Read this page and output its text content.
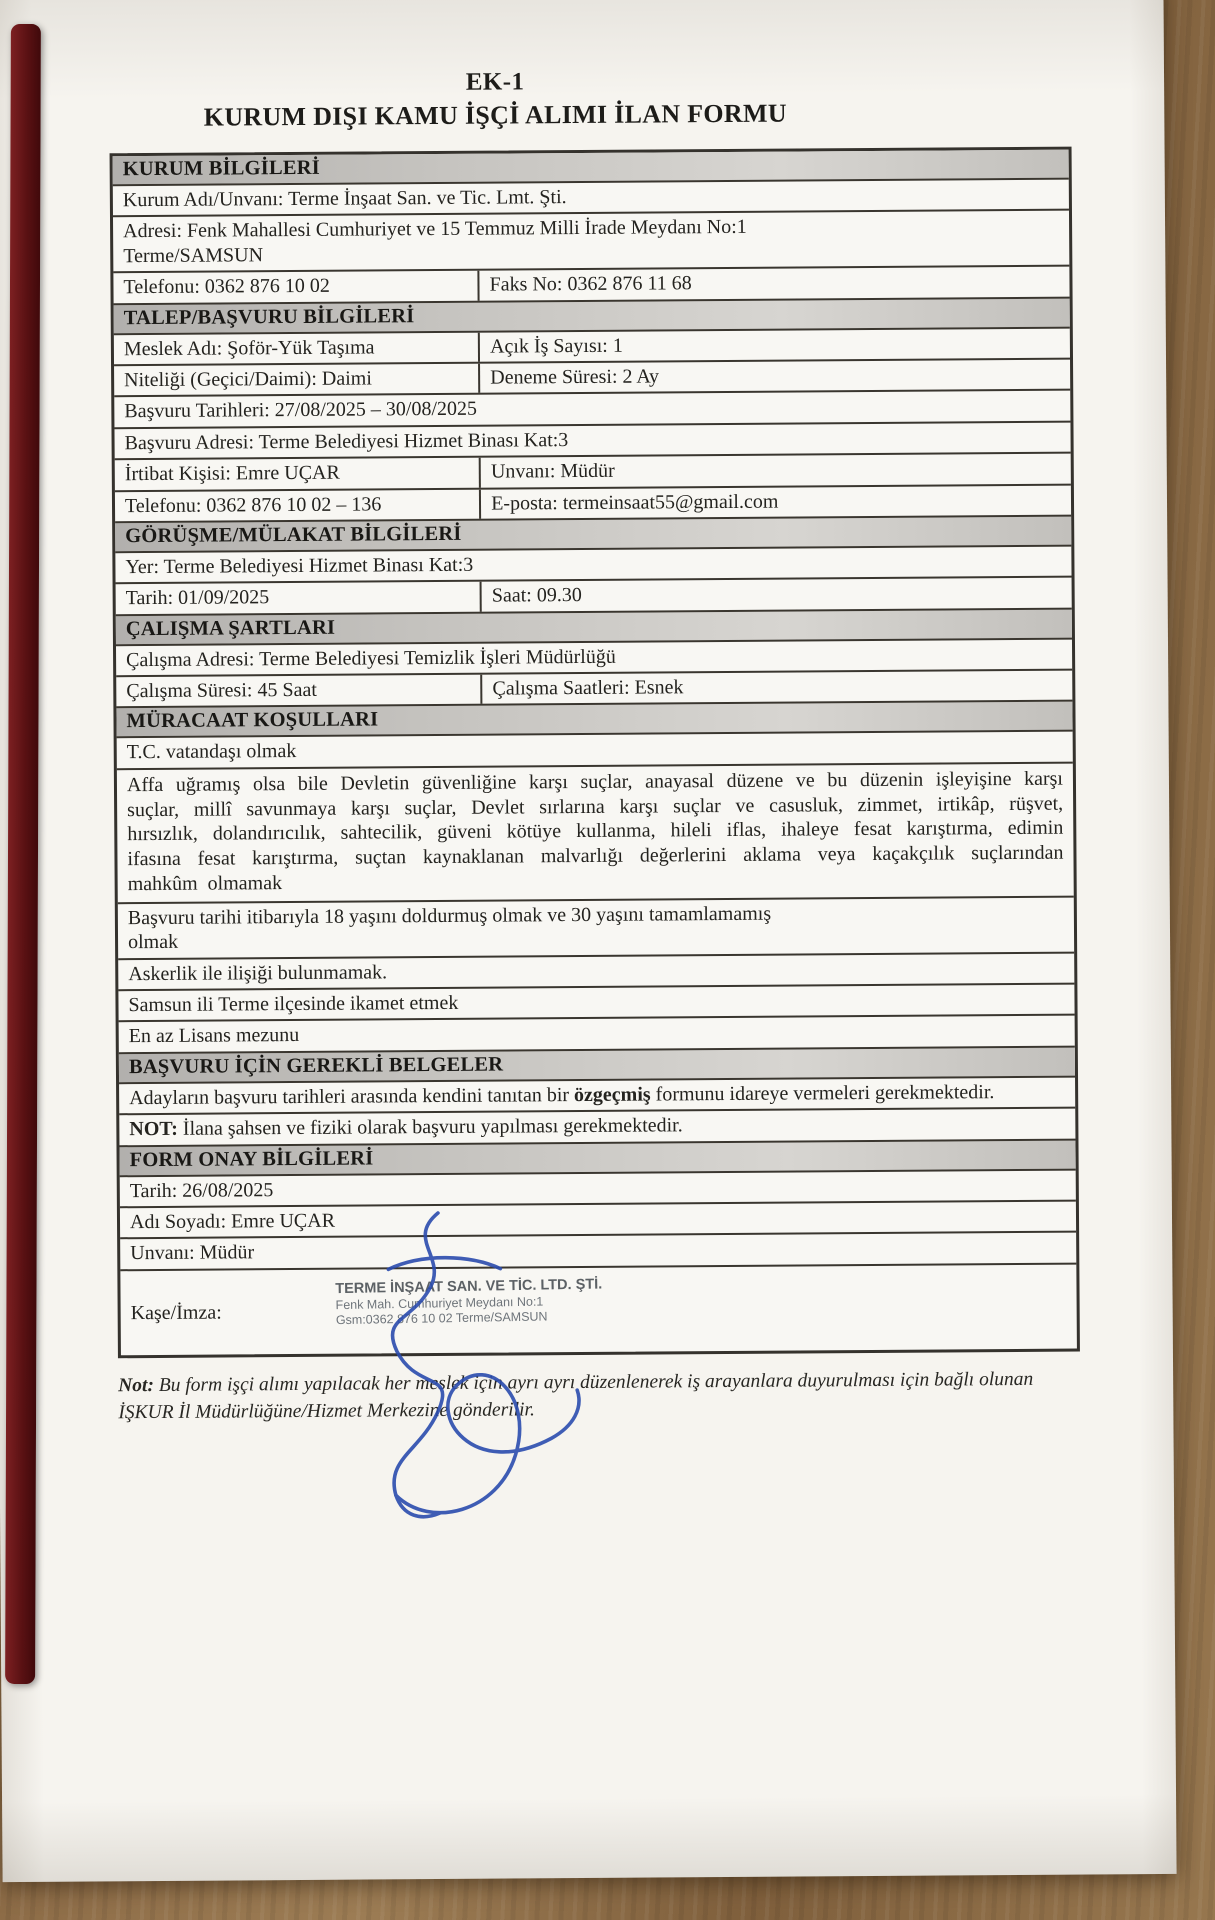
EK-1
KURUM DIŞI KAMU İŞÇİ ALIMI İLAN FORMU
KURUM BİLGİLERİ
Kurum Adı/Unvanı: Terme İnşaat San. ve Tic. Lmt. Şti.
Adresi: Fenk Mahallesi Cumhuriyet ve 15 Temmuz Milli İrade Meydanı No:1
Terme/SAMSUN
Telefonu: 0362 876 10 02	Faks No: 0362 876 11 68
TALEP/BAŞVURU BİLGİLERİ
Meslek Adı: Şoför-Yük Taşıma	Açık İş Sayısı: 1
Niteliği (Geçici/Daimi): Daimi	Deneme Süresi: 2 Ay
Başvuru Tarihleri: 27/08/2025 – 30/08/2025
Başvuru Adresi: Terme Belediyesi Hizmet Binası Kat:3
İrtibat Kişisi: Emre UÇAR	Unvanı: Müdür
Telefonu: 0362 876 10 02 – 136	E-posta: termeinsaat55@gmail.com
GÖRÜŞME/MÜLAKAT BİLGİLERİ
Yer: Terme Belediyesi Hizmet Binası Kat:3
Tarih: 01/09/2025	Saat: 09.30
ÇALIŞMA ŞARTLARI
Çalışma Adresi: Terme Belediyesi Temizlik İşleri Müdürlüğü
Çalışma Süresi: 45 Saat	Çalışma Saatleri: Esnek
MÜRACAAT KOŞULLARI
T.C. vatandaşı olmak
Affa uğramış olsa bile Devletin güvenliğine karşı suçlar, anayasal düzene ve bu düzenin işleyişine karşı suçlar, millî savunmaya karşı suçlar, Devlet sırlarına karşı suçlar ve casusluk, zimmet, irtikâp, rüşvet, hırsızlık, dolandırıcılık, sahtecilik, güveni kötüye kullanma, hileli iflas, ihaleye fesat karıştırma, edimin ifasına fesat karıştırma, suçtan kaynaklanan malvarlığı değerlerini aklama veya kaçakçılık suçlarından mahkûm olmamak
Başvuru tarihi itibarıyla 18 yaşını doldurmuş olmak ve 30 yaşını tamamlamamış
olmak
Askerlik ile ilişiği bulunmamak.
Samsun ili Terme ilçesinde ikamet etmek
En az Lisans mezunu
BAŞVURU İÇİN GEREKLİ BELGELER
Adayların başvuru tarihleri arasında kendini tanıtan bir özgeçmiş formunu idareye vermeleri gerekmektedir.
NOT: İlana şahsen ve fiziki olarak başvuru yapılması gerekmektedir.
FORM ONAY BİLGİLERİ
Tarih: 26/08/2025
Adı Soyadı: Emre UÇAR
Unvanı: Müdür
Kaşe/İmza:
TERME İNŞAAT SAN. VE TİC. LTD. ŞTİ.
Fenk Mah. Cumhuriyet Meydanı No:1
Gsm:0362 876 10 02 Terme/SAMSUN
Not: Bu form işçi alımı yapılacak her meslek için ayrı ayrı düzenlenerek iş arayanlara duyurulması için bağlı olunan İŞKUR İl Müdürlüğüne/Hizmet Merkezine gönderilir.
